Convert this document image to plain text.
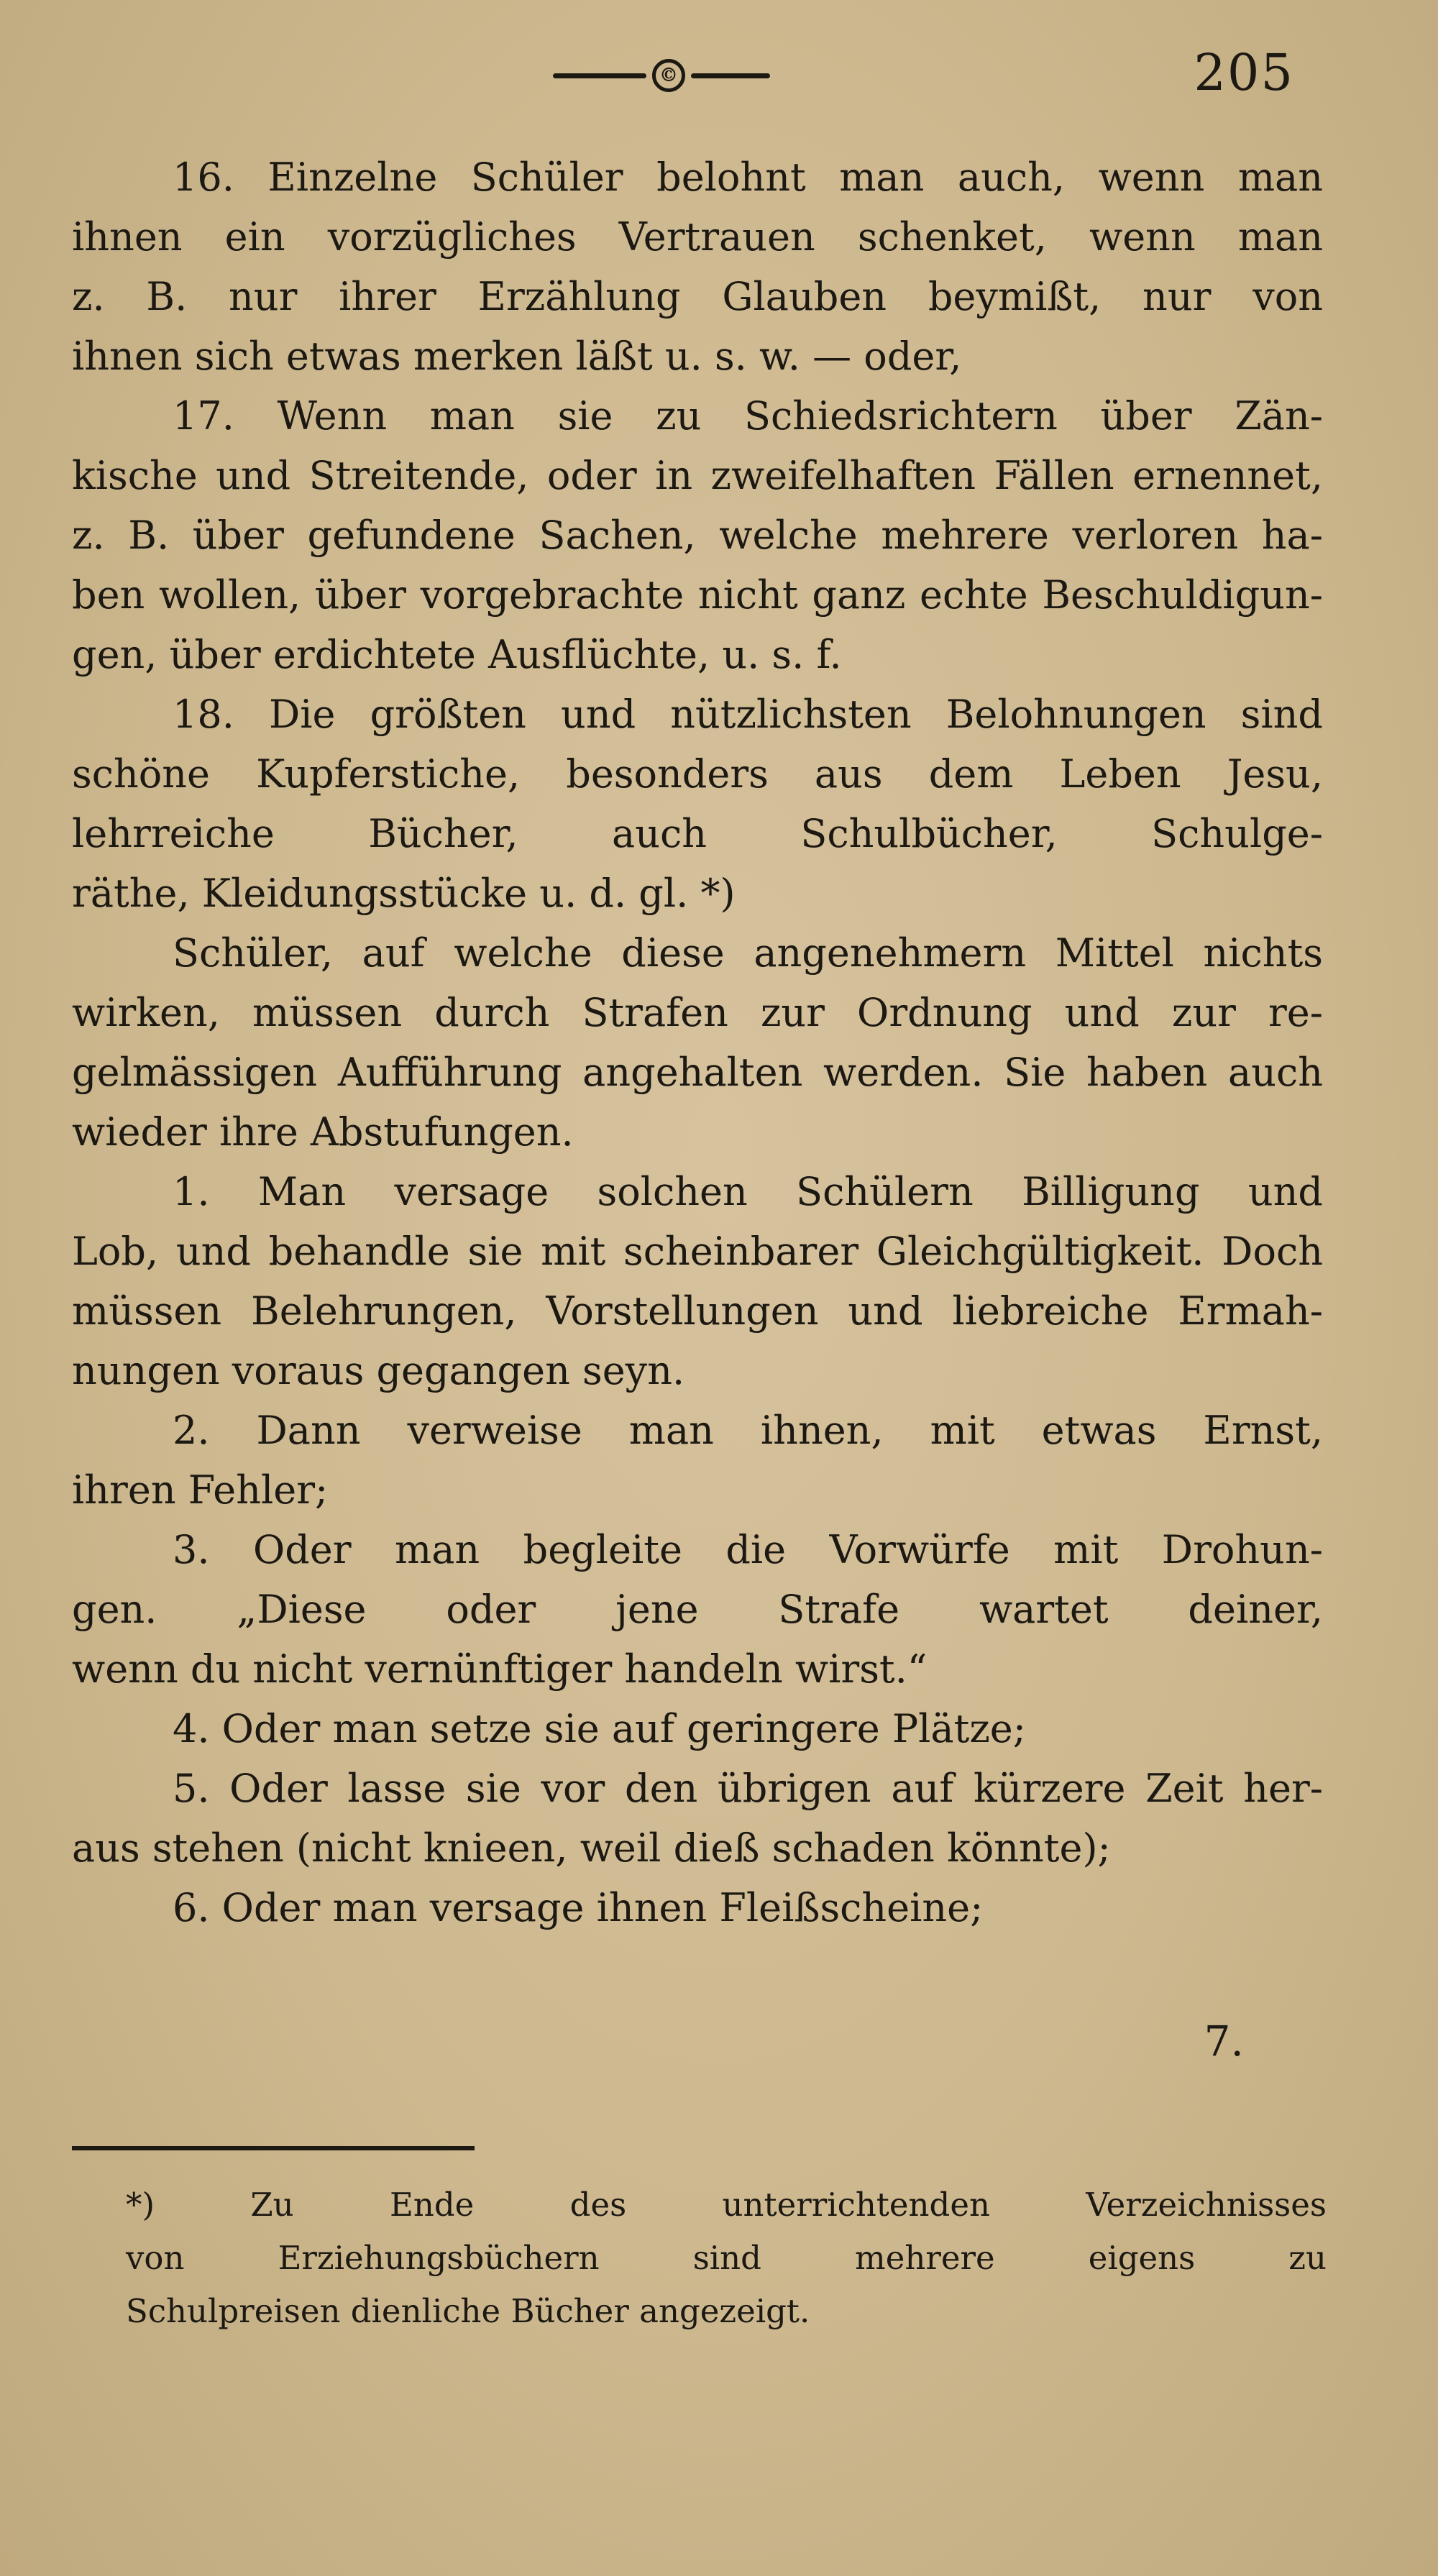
©	205
16. Einzelne Schüler belohnt man auch, wenn man
ihnen ein vorzügliches Vertrauen schenket, wenn man
z. B. nur ihrer Erzählung Glauben beymißt, nur von
ihnen sich etwas merken läßt u. s. w. — oder,
17. Wenn man sie zu Schiedsrichtern über Zän-
kische und Streitende, oder in zweifelhaften Fällen ernennet,
z. B. über gefundene Sachen, welche mehrere verloren ha-
ben wollen, über vorgebrachte nicht ganz echte Beschuldigun-
gen, über erdichtete Ausflüchte, u. s. f.
18. Die größten und nützlichsten Belohnungen sind
schöne Kupferstiche, besonders aus dem Leben Jesu,
lehrreiche Bücher, auch Schulbücher, Schulge-
räthe, Kleidungsstücke u. d. gl. *)
Schüler, auf welche diese angenehmern Mittel nichts
wirken, müssen durch Strafen zur Ordnung und zur re-
gelmässigen Aufführung angehalten werden. Sie haben auch
wieder ihre Abstufungen.
1. Man versage solchen Schülern Billigung und
Lob, und behandle sie mit scheinbarer Gleichgültigkeit. Doch
müssen Belehrungen, Vorstellungen und liebreiche Ermah-
nungen voraus gegangen seyn.
2. Dann verweise man ihnen, mit etwas Ernst,
ihren Fehler;
3. Oder man begleite die Vorwürfe mit Drohun-
gen. „Diese oder jene Strafe wartet deiner,
wenn du nicht vernünftiger handeln wirst.“
4. Oder man setze sie auf geringere Plätze;
5. Oder lasse sie vor den übrigen auf kürzere Zeit her-
aus stehen (nicht knieen, weil dieß schaden könnte);
6. Oder man versage ihnen Fleißscheine;
7.
*) Zu Ende des unterrichtenden Verzeichnisses
von Erziehungsbüchern sind mehrere eigens zu
Schulpreisen dienliche Bücher angezeigt.
